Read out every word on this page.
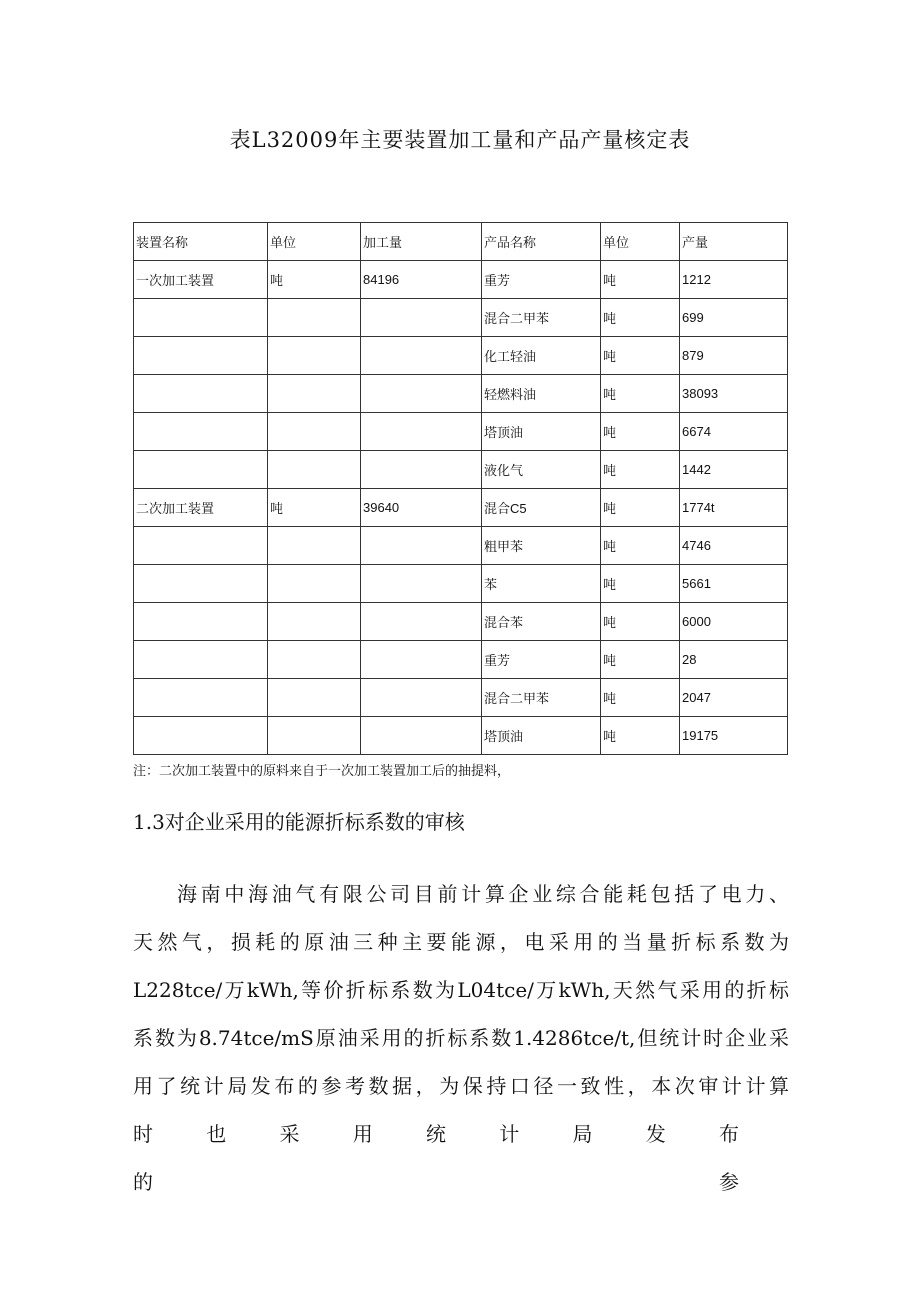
表L32009年主要装置加工量和产品产量核定表
装置名称	单位	加工量	产品名称	单位	产量
一次加工装置	吨	84196	重芳	吨	1212
			混合二甲苯	吨	699
			化工轻油	吨	879
			轻燃料油	吨	38093
			塔顶油	吨	6674
			液化气	吨	1442
二次加工装置	吨	39640	混合C5	吨	1774t
			粗甲苯	吨	4746
			苯	吨	5661
			混合苯	吨	6000
			重芳	吨	28
			混合二甲苯	吨	2047
			塔顶油	吨	19175
注：二次加工装置中的原料来自于一次加工装置加工后的抽提料，
1.3对企业采用的能源折标系数的审核

海南中海油气有限公司目前计算企业综合能耗包括了电力、

天然气，损耗的原油三种主要能源，电采用的当量折标系数为

L228tce/万kWh,等价折标系数为L04tce/万kWh,天然气采用的折标

系数为8.74tce/mS原油采用的折标系数1.4286tce/t,但统计时企业采

用了统计局发布的参考数据，为保持口径一致性，本次审计计算

时也采用统计局发布的参
